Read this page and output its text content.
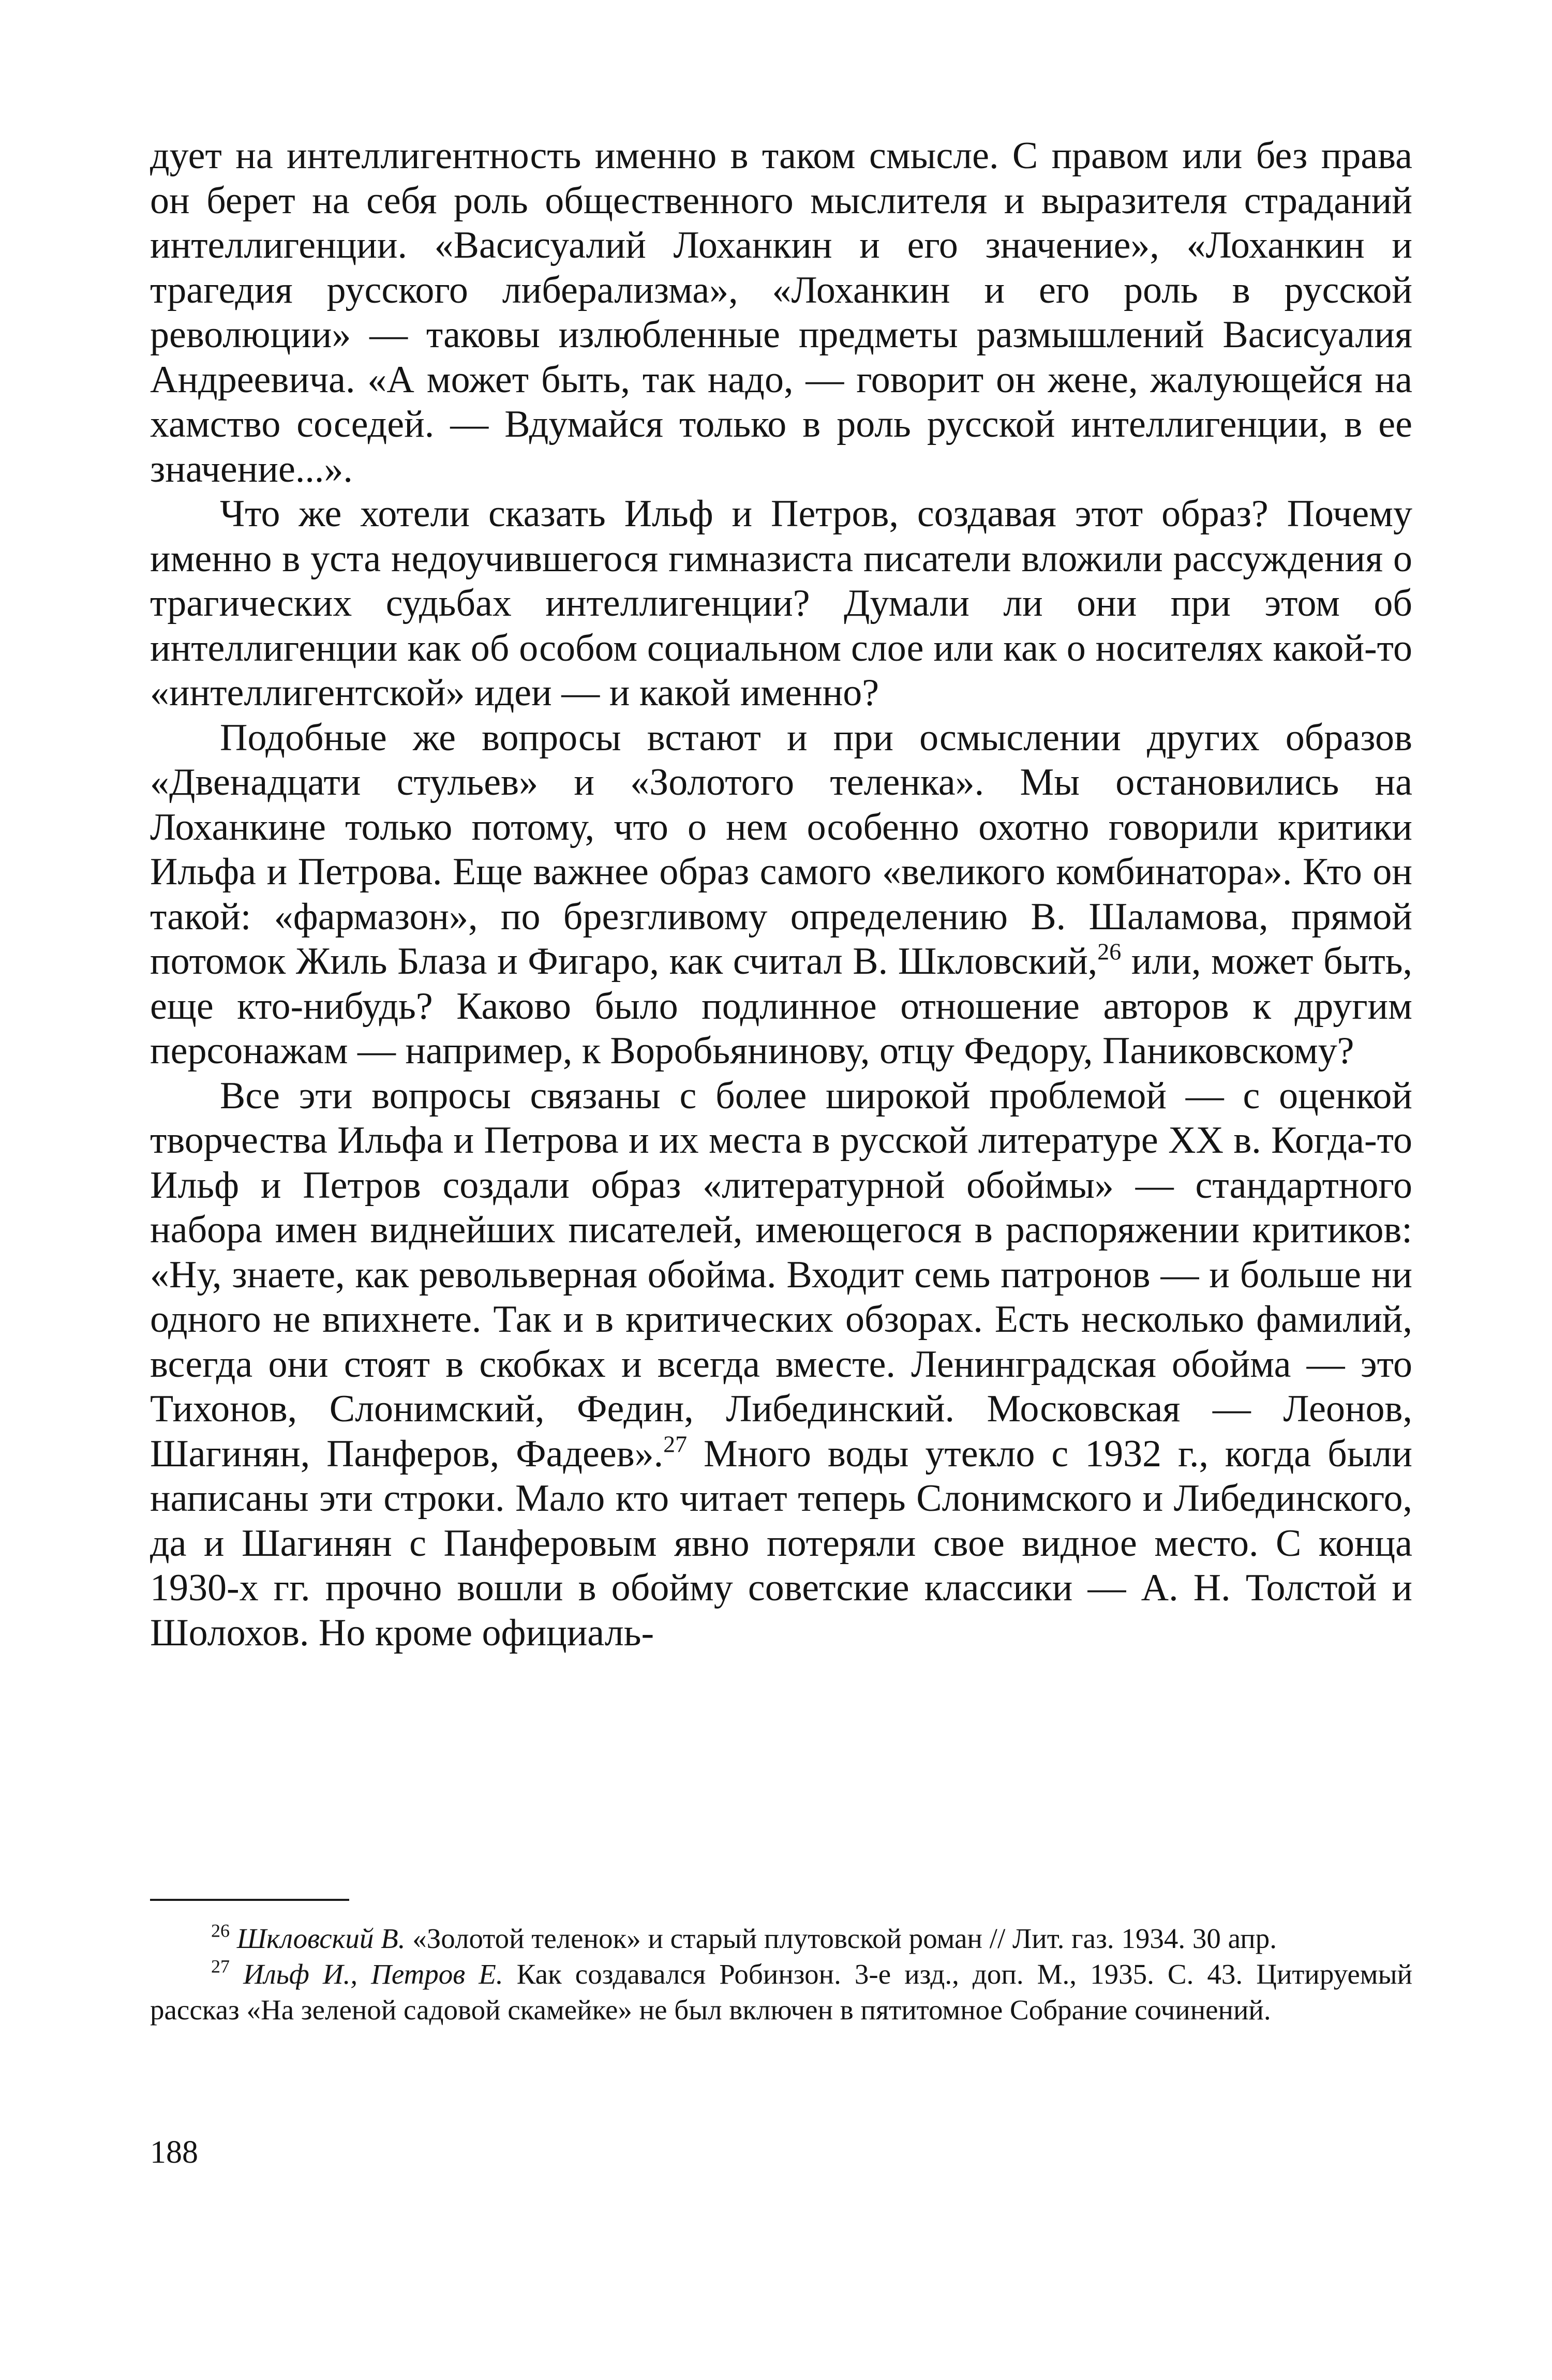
дует на интеллигентность именно в таком смысле. С правом или без права он берет на себя роль общественного мыслителя и выразителя страданий интеллигенции. «Васисуалий Лоханкин и его значение», «Лоханкин и трагедия русского либерализма», «Лоханкин и его роль в русской революции» — таковы излюбленные предметы размышлений Васисуалия Андреевича. «А может быть, так надо, — говорит он жене, жалующейся на хамство соседей. — Вдумайся только в роль русской интеллигенции, в ее значение...».

Что же хотели сказать Ильф и Петров, создавая этот образ? Почему именно в уста недоучившегося гимназиста писатели вложили рассуждения о трагических судьбах интеллигенции? Думали ли они при этом об интеллигенции как об особом социальном слое или как о носителях какой-то «интеллигентской» идеи — и какой именно?

Подобные же вопросы встают и при осмыслении других образов «Двенадцати стульев» и «Золотого теленка». Мы остановились на Лоханкине только потому, что о нем особенно охотно говорили критики Ильфа и Петрова. Еще важнее образ самого «великого комбинатора». Кто он такой: «фармазон», по брезгливому определению В. Шаламова, прямой потомок Жиль Блаза и Фигаро, как считал В. Шкловский,$^{26}$ или, может быть, еще кто-нибудь? Каково было подлинное отношение авторов к другим персонажам — например, к Воробьянинову, отцу Федору, Паниковскому?

Все эти вопросы связаны с более широкой проблемой — с оценкой творчества Ильфа и Петрова и их места в русской литературе XX в. Когда-то Ильф и Петров создали образ «литературной обоймы» — стандартного набора имен виднейших писателей, имеющегося в распоряжении критиков: «Ну, знаете, как револьверная обойма. Входит семь патронов — и больше ни одного не впихнете. Так и в критических обзорах. Есть несколько фамилий, всегда они стоят в скобках и всегда вместе. Ленинградская обойма — это Тихонов, Слонимский, Федин, Либединский. Московская — Леонов, Шагинян, Панферов, Фадеев».$^{27}$ Много воды утекло с 1932 г., когда были написаны эти строки. Мало кто читает теперь Слонимского и Либединского, да и Шагинян с Панферовым явно потеряли свое видное место. С конца 1930-х гг. прочно вошли в обойму советские классики — А. Н. Толстой и Шолохов. Но кроме официаль-

$^{26}$ Шкловский В. «Золотой теленок» и старый плутовской роман // Лит. газ. 1934. 30 апр.

$^{27}$ Ильф И., Петров Е. Как создавался Робинзон. 3-е изд., доп. М., 1935. С. 43. Цитируемый рассказ «На зеленой садовой скамейке» не был включен в пятитомное Собрание сочинений.

188
